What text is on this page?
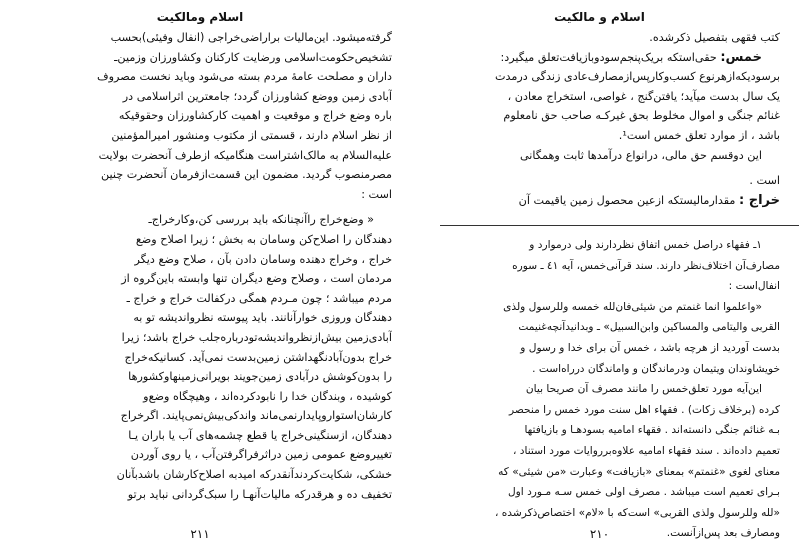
اسلام ومالکیت
گرفته‌میشود. این‌مالیات براراضی‌خراجی (انفال وفیئی)بحسب
تشخیص‌حکومت‌اسلامی ورضایت کارکنان وکشاورزان وزمین‌ـ
داران و مصلحت عامهٔ مردم بسته می‌شود وباید نخست مصروف
آبادی زمین ووضع کشاورزان گردد؛ جامعترین اثراسلامی در
باره وضع خراج و موقعیت و اهمیت کارکشاورزان وحقوقیکه
از نظر اسلام دارند ، قسمتی از مکتوب ومنشور امیرالمؤمنین
علیه‌السلام به مالک‌اشتراست هنگامیکه ازطرف آنحضرت بولایت
مصرمنصوب گردید. مضمون این قسمت‌ازفرمان آنحضرت چنین
است :
« وضع‌خراج راآنچنانکه باید بررسی کن،وکارخراج‌ـ
دهندگان را اصلاح‌کن وسامان به بخش ؛ زیرا اصلاح وضع
خراج ، وخراج دهنده وسامان دادن بآن ، صلاح وضع دیگر
مردمان است ، وصلاح وضع دیگران تنها وابسته باین‌گروه از
مردم میباشد ؛ چون مـردم همگی درکفالت خراج و خراج ـ
دهندگان وروزی خوارآنانند. باید پیوسته نظرواندیشه تو به
آبادی‌زمین بیش‌ازنظرواندیشه‌تودرباره‌جلب خراج باشد؛ زیرا
خراج بدون‌آبادنگهداشتن زمین‌بدست نمی‌آید. کسانیکه‌خراج
را بدون‌کوشش درآبادی زمین‌جویند بویرانی‌زمینهاوکشورها
کوشیده ، وبندگان خدا را نابودکرده‌اند ، وهیچگاه وضع‌و
کارشان‌استواروپایدارنمی‌ماند واندکی‌بیش‌نمی‌پایند. اگرخراج
دهندگان، ازسنگینی‌خراج یا قطع چشمه‌های آب یا باران یـا
تغییروضع عمومی زمین دراثرفراگرفتن‌آب ، یا روی آوردن
خشکی، شکایت‌کردندآنقدرکه امیدبه اصلاح‌کارشان باشدبآنان
تخفیف ده و هرقدرکه مالیات‌آنهـا را سبک‌گردانی نباید برتو
۲۱۱
اسلام و مالکیت
کتب فقهی بتفصیل ذکرشده.
خمس: حقی‌استکه بریک‌پنجم‌سودوبازیافت‌تعلق میگیرد:
برسودیکه‌ازهرنوع کسب‌وکارپس‌ازمصارف‌عادی زندگی درمدت
یک سال بدست میآید؛ یافتن‌گنج ، غواصی، استخراج معادن ،
غنائم جنگی و اموال مخلوط بحق غیرکـه صاحب حق نامعلوم
باشد ، از موارد تعلق خمس است¹.
این دوقسم حق مالی، درانواع درآمدها ثابت وهمگانی
است .
خراج : مقدارمالیستکه ازعین محصول زمین یاقیمت آن
۱ـ فقهاء دراصل خمس اتفاق نظردارند ولی درموارد و
مصارف‌آن اختلاف‌نظر دارند. سند قرآنی‌خمس، آیه ٤١ ـ سوره
انفال‌است :
«واعلموا انما غنمتم من شیئی‌فان‌لله خمسه وللرسول ولذی
القربی والیتامی والمساکین وابن‌السبیل» ـ وبدانیدآنچه‌غنیمت
بدست آوردید از هرچه باشد ، خمس آن برای خدا و رسول و
خویشاوندان ویتیمان ودرماندگان و واماندگان درراه‌است .
این‌آیه مورد تعلق‌خمس را مانند مصرف آن صریحا بیان
کرده (برخلاف زکات) . فقهاء اهل سنت مورد خمس را منحصر
بـه غنائم جنگی دانسته‌اند . فقهاء امامیه بسودهـا و بازیافتها
تعمیم داده‌اند . سند فقهاء امامیه علاوه‌برروایات مورد استناد ،
معنای لغوی «غنمتم» بمعنای «بازیافت» وعبارت «من شیئی» که
بـرای تعمیم است میباشد . مصرف اولی خمس سـه مـورد اول
«لله وللرسول ولذی القربی» است‌که با «لام» اختصاص‌ذکرشده ،
ومصارف بعد پس‌ازآنست.
۲۱۰
